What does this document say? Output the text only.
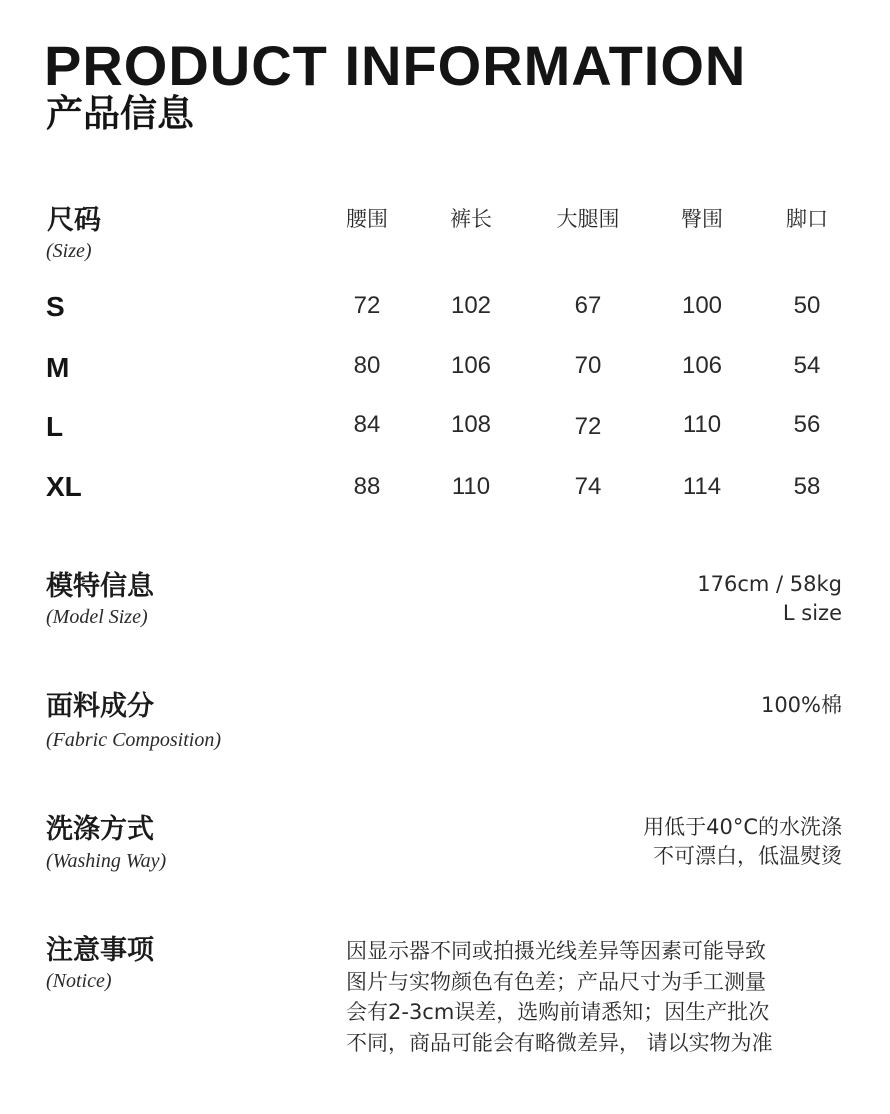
PRODUCT INFORMATION
产品信息
尺码
(Size)
腰围	裤长	大腿围	臀围	脚口
S	72	102	67	100	50
M	80	106	70	106	54
L	84	108	72	110	56
XL	88	110	74	114	58
模特信息
(Model Size)
176cm / 58kg
L size
面料成分
(Fabric Composition)
100%棉
洗涤方式
(Washing Way)
用低于40°C的水洗涤
不可漂白，低温熨烫
注意事项
(Notice)
因显示器不同或拍摄光线差异等因素可能导致
图片与实物颜色有色差；产品尺寸为手工测量
会有2-3cm误差，选购前请悉知；因生产批次
不同，商品可能会有略微差异， 请以实物为准
